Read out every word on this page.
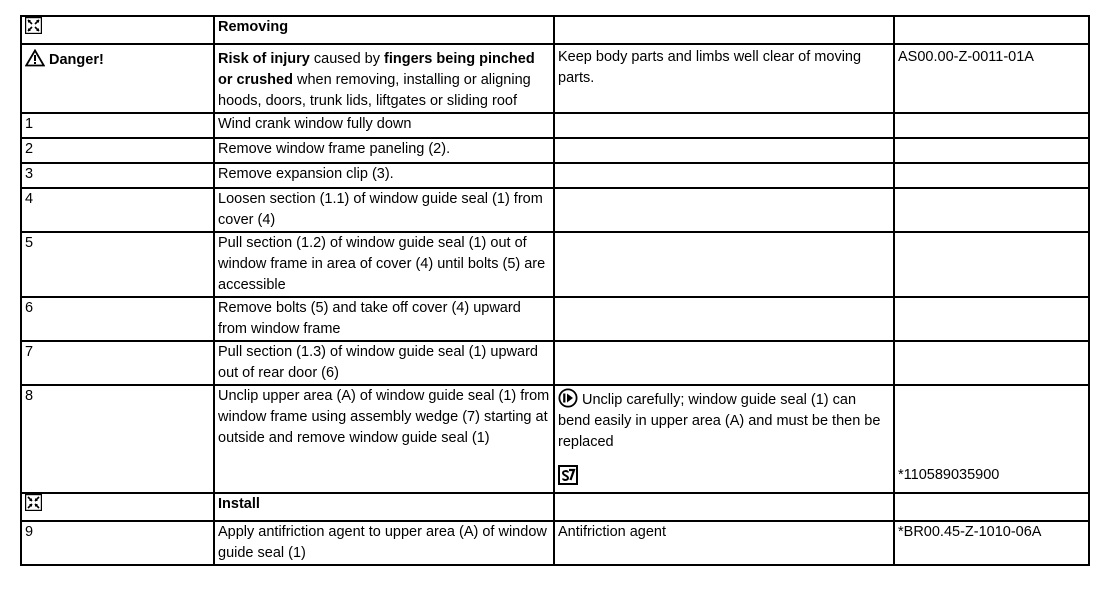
	Removing		
Danger!	Risk of injury caused by fingers being pinched or crushed when removing, installing or aligning hoods, doors, trunk lids, liftgates or sliding roof	Keep body parts and limbs well clear of moving parts.	AS00.00-Z-0011-01A
1	Wind crank window fully down		
2	Remove window frame paneling (2).		
3	Remove expansion clip (3).		
4	Loosen section (1.1) of window guide seal (1) from cover (4)		
5	Pull section (1.2) of window guide seal (1) out of window frame in area of cover (4) until bolts (5) are accessible		
6	Remove bolts (5) and take off cover (4) upward from window frame		
7	Pull section (1.3) of window guide seal (1) upward out of rear door (6)		
8	Unclip upper area (A) of window guide seal (1) from window frame using assembly wedge (7) starting at outside and remove window guide seal (1)	Unclip carefully; window guide seal (1) can bend easily in upper area (A) and must be then be replaced	*110589035900
	Install		
9	Apply antifriction agent to upper area (A) of window guide seal (1)	Antifriction agent	*BR00.45-Z-1010-06A
